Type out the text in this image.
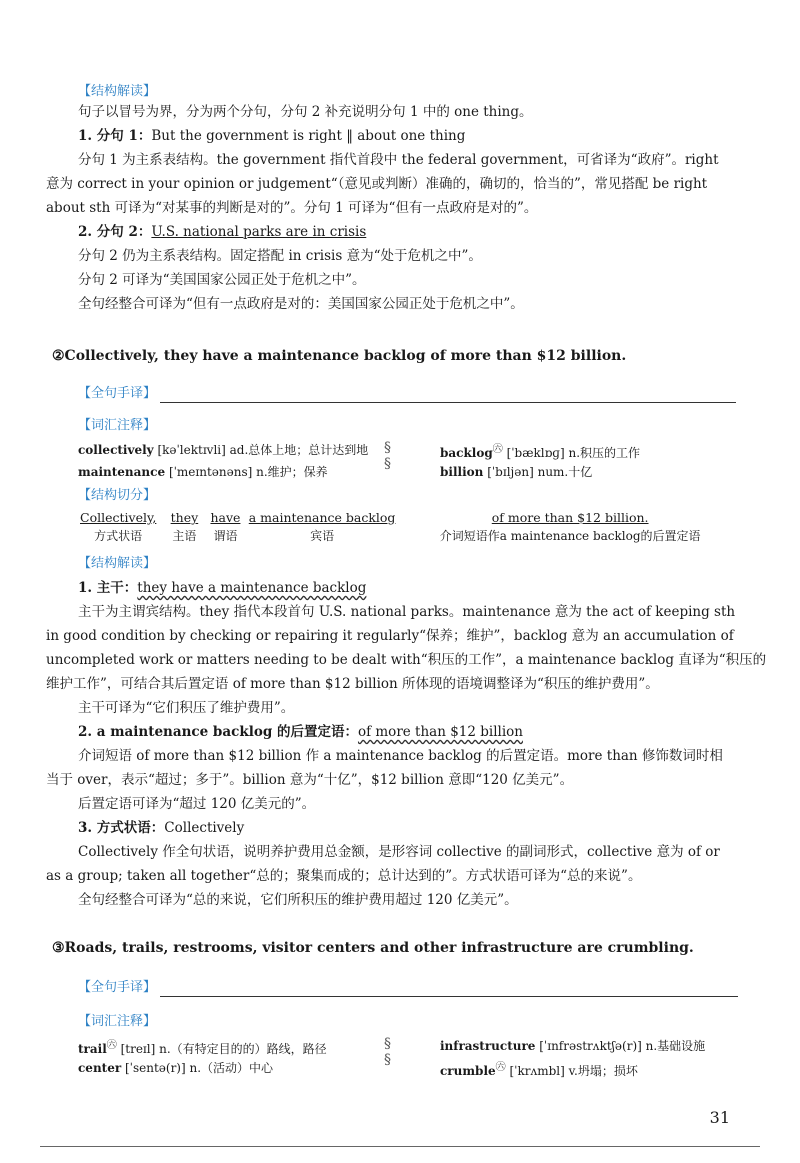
【结构解读】
句子以冒号为界，分为两个分句，分句 2 补充说明分句 1 中的 one thing。
1. 分句 1：But the government is right ‖ about one thing
分句 1 为主系表结构。the government 指代首段中 the federal government，可省译为“政府”。right
意为 correct in your opinion or judgement“（意见或判断）准确的，确切的，恰当的”，常见搭配 be right
about sth 可译为“对某事的判断是对的”。分句 1 可译为“但有一点政府是对的”。
2. 分句 2：U.S. national parks are in crisis
分句 2 仍为主系表结构。固定搭配 in crisis 意为“处于危机之中”。
分句 2 可译为“美国国家公园正处于危机之中”。
全句经整合可译为“但有一点政府是对的：美国国家公园正处于危机之中”。
②Collectively, they have a maintenance backlog of more than $12 billion.
【全句手译】
【词汇注释】
collectively [kəˈlektɪvli] ad.总体上地；总计达到地
maintenance [ˈmeɪntənəns] n.维护；保养
§
§
backlog$^㊅$ [ˈbæklɒɡ] n.积压的工作
billion [ˈbɪljən] num.十亿
【结构切分】
Collectively,
方式状语

they
主语

have
谓语

a maintenance backlog
宾语

of more than $12 billion.
介词短语作a maintenance backlog的后置定语
【结构解读】
1. 主干：they have a maintenance backlog
主干为主谓宾结构。they 指代本段首句 U.S. national parks。maintenance 意为 the act of keeping sth
in good condition by checking or repairing it regularly“保养；维护”，backlog 意为 an accumulation of
uncompleted work or matters needing to be dealt with“积压的工作”，a maintenance backlog 直译为“积压的
维护工作”，可结合其后置定语 of more than $12 billion 所体现的语境调整译为“积压的维护费用”。
主干可译为“它们积压了维护费用”。
2. a maintenance backlog 的后置定语：of more than $12 billion
介词短语 of more than $12 billion 作 a maintenance backlog 的后置定语。more than 修饰数词时相
当于 over，表示“超过；多于”。billion 意为“十亿”，$12 billion 意即“120 亿美元”。
后置定语可译为“超过 120 亿美元的”。
3. 方式状语：Collectively
Collectively 作全句状语，说明养护费用总金额，是形容词 collective 的副词形式，collective 意为 of or
as a group; taken all together“总的；聚集而成的；总计达到的”。方式状语可译为“总的来说”。
全句经整合可译为“总的来说，它们所积压的维护费用超过 120 亿美元”。
③Roads, trails, restrooms, visitor centers and other infrastructure are crumbling.
【全句手译】
【词汇注释】
trail$^㊅$ [treɪl] n.（有特定目的的）路线，路径
center [ˈsentə(r)] n.（活动）中心
§
§
infrastructure [ˈɪnfrəstrʌktʃə(r)] n.基础设施
crumble$^㊅$ [ˈkrʌmbl] v.坍塌；损坏
31
